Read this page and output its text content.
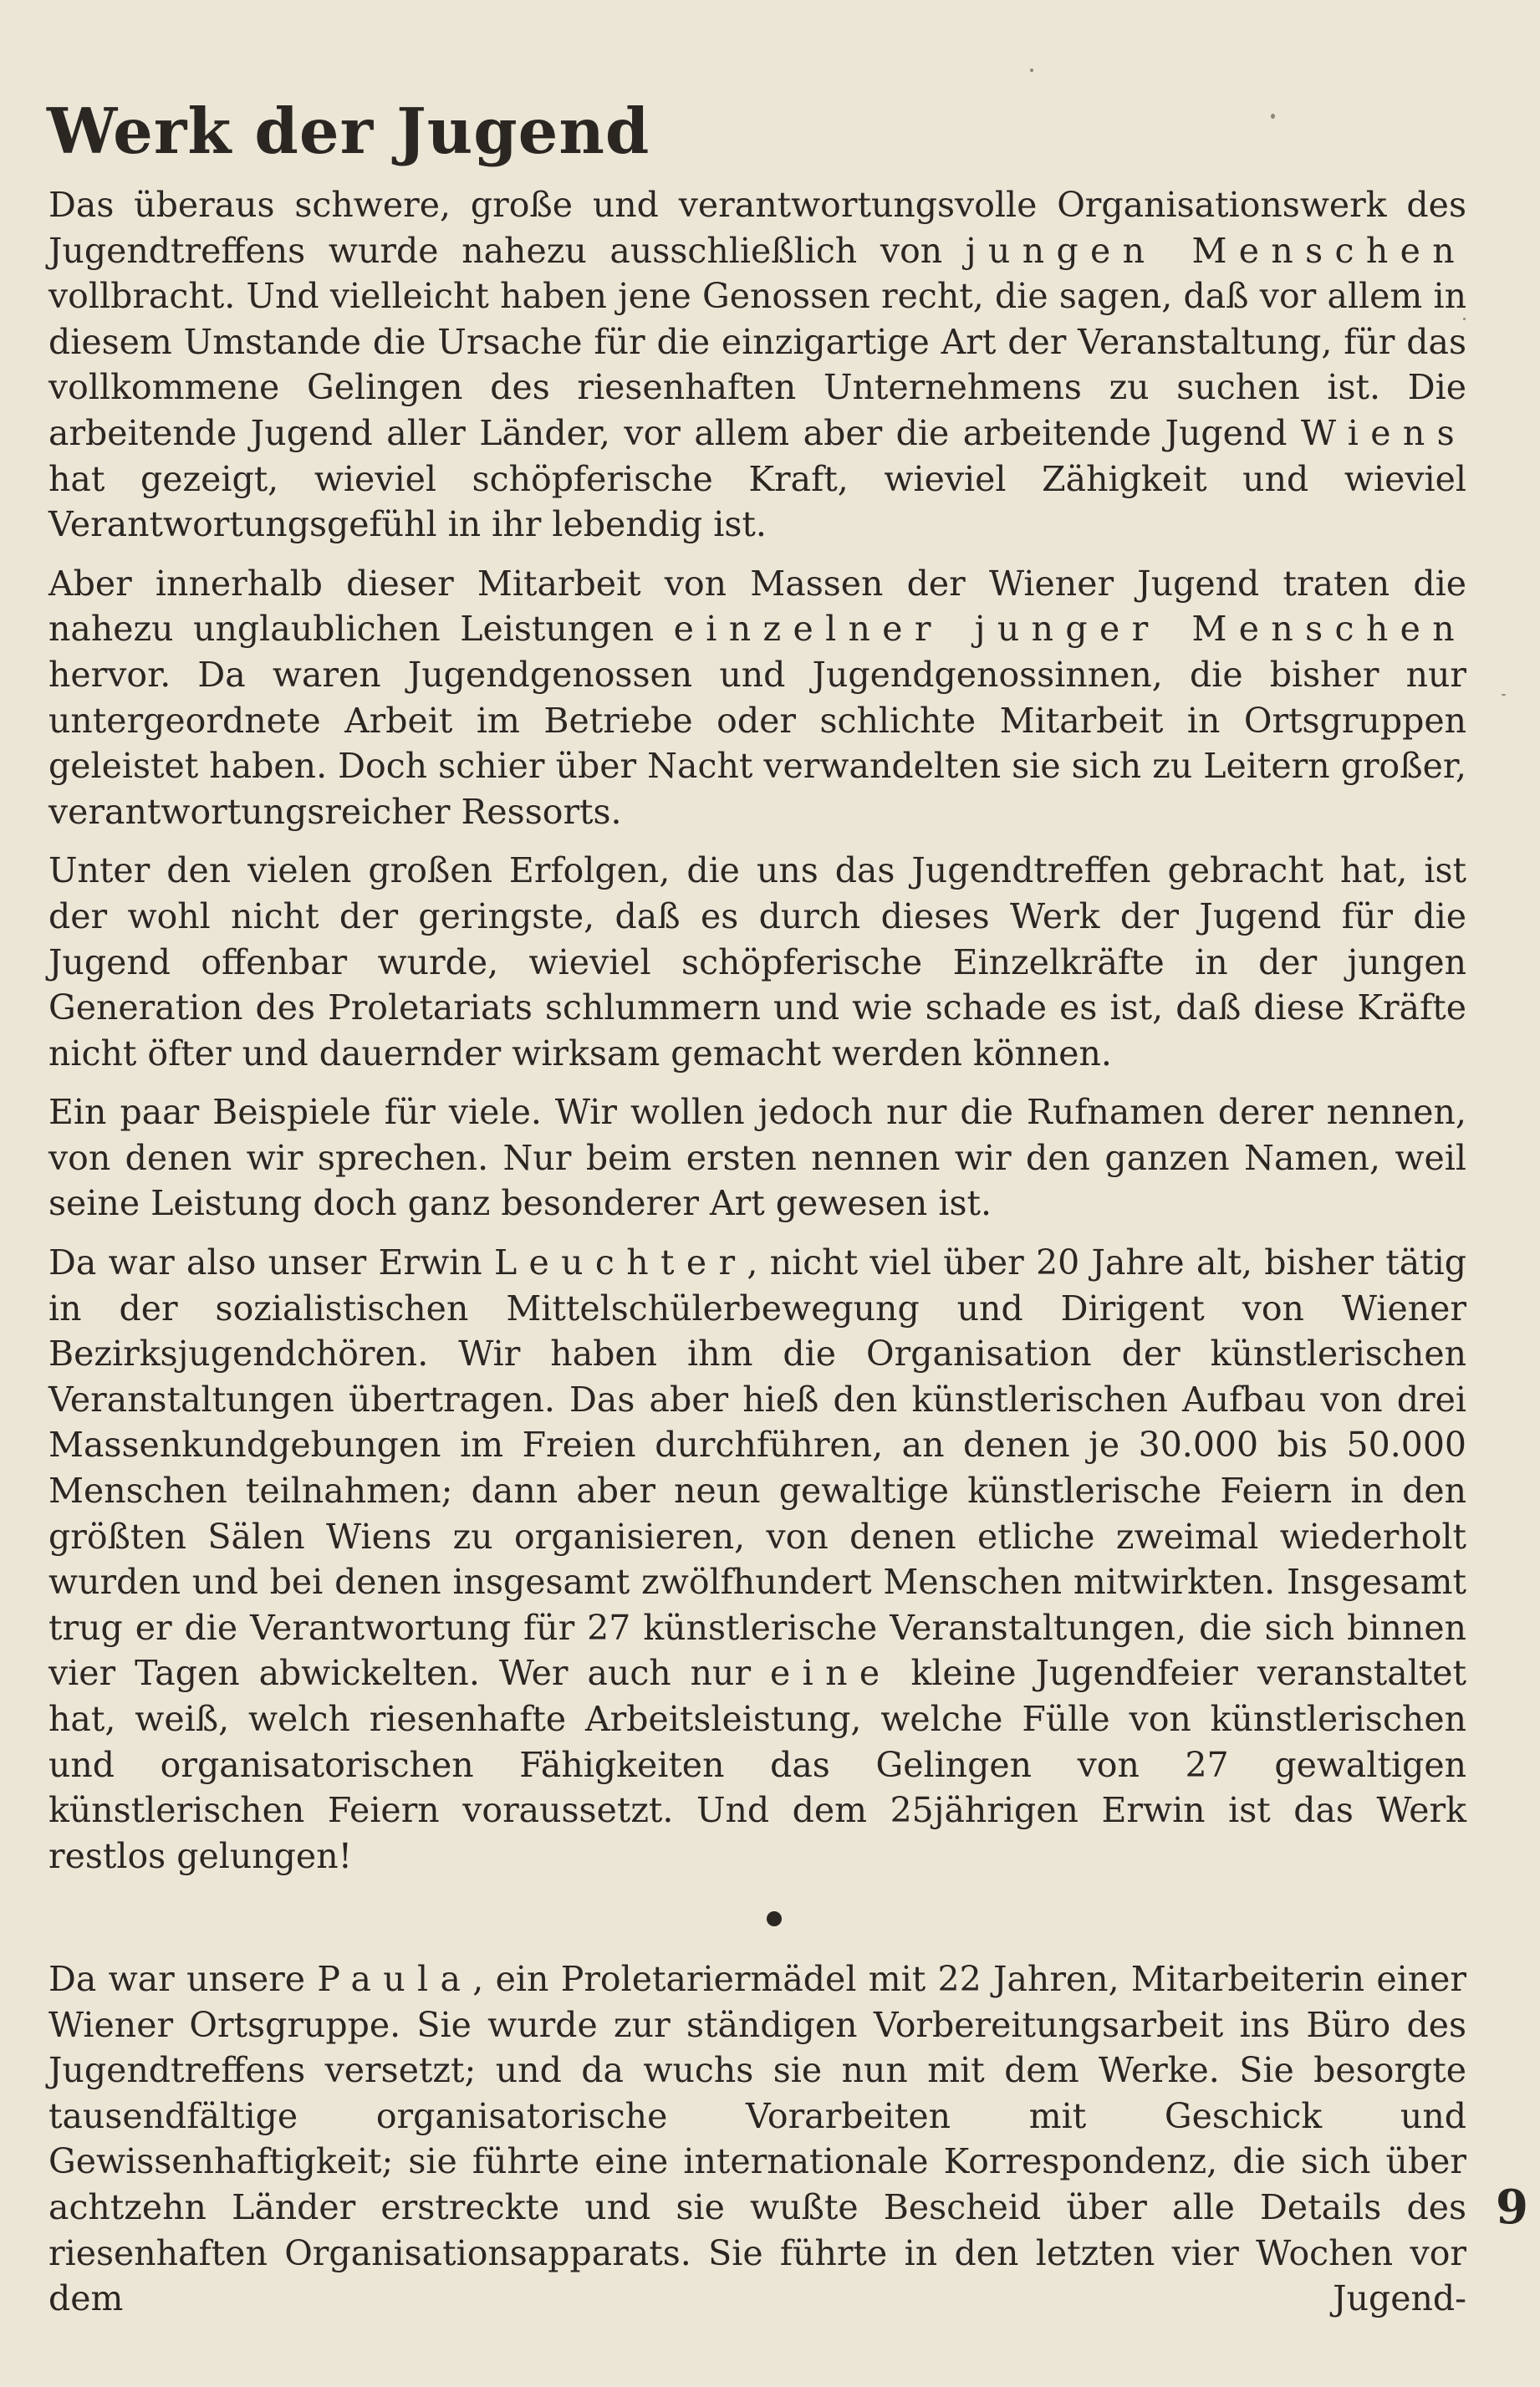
Werk der Jugend

Das überaus schwere, große und verantwortungsvolle Organisationswerk des Jugendtreffens wurde nahezu ausschließlich von jungen Menschen vollbracht. Und vielleicht haben jene Genossen recht, die sagen, daß vor allem in diesem Umstande die Ursache für die einzigartige Art der Veranstaltung, für das vollkommene Gelingen des riesenhaften Unternehmens zu suchen ist. Die arbeitende Jugend aller Länder, vor allem aber die arbeitende Jugend Wiens hat gezeigt, wieviel schöpferische Kraft, wieviel Zähigkeit und wieviel Verantwortungsgefühl in ihr lebendig ist.

Aber innerhalb dieser Mitarbeit von Massen der Wiener Jugend traten die nahezu unglaublichen Leistungen einzelner junger Menschen hervor. Da waren Jugendgenossen und Jugendgenossinnen, die bisher nur untergeordnete Arbeit im Betriebe oder schlichte Mitarbeit in Ortsgruppen geleistet haben. Doch schier über Nacht verwandelten sie sich zu Leitern großer, verantwortungsreicher Ressorts.

Unter den vielen großen Erfolgen, die uns das Jugendtreffen gebracht hat, ist der wohl nicht der geringste, daß es durch dieses Werk der Jugend für die Jugend offenbar wurde, wieviel schöpferische Einzelkräfte in der jungen Generation des Proletariats schlummern und wie schade es ist, daß diese Kräfte nicht öfter und dauernder wirksam gemacht werden können.

Ein paar Beispiele für viele. Wir wollen jedoch nur die Rufnamen derer nennen, von denen wir sprechen. Nur beim ersten nennen wir den ganzen Namen, weil seine Leistung doch ganz besonderer Art gewesen ist.

Da war also unser Erwin Leuchter, nicht viel über 20 Jahre alt, bisher tätig in der sozialistischen Mittelschülerbewegung und Dirigent von Wiener Bezirksjugendchören. Wir haben ihm die Organisation der künstlerischen Veranstaltungen übertragen. Das aber hieß den künstlerischen Aufbau von drei Massenkundgebungen im Freien durchführen, an denen je 30.000 bis 50.000 Menschen teilnahmen; dann aber neun gewaltige künstlerische Feiern in den größten Sälen Wiens zu organisieren, von denen etliche zweimal wiederholt wurden und bei denen insgesamt zwölfhundert Menschen mitwirkten. Insgesamt trug er die Verantwortung für 27 künstlerische Veranstaltungen, die sich binnen vier Tagen abwickelten. Wer auch nur eine kleine Jugendfeier veranstaltet hat, weiß, welch riesenhafte Arbeitsleistung, welche Fülle von künstlerischen und organisatorischen Fähigkeiten das Gelingen von 27 gewaltigen künstlerischen Feiern voraussetzt. Und dem 25jährigen Erwin ist das Werk restlos gelungen!

Da war unsere Paula, ein Proletariermädel mit 22 Jahren, Mitarbeiterin einer Wiener Ortsgruppe. Sie wurde zur ständigen Vorbereitungsarbeit ins Büro des Jugendtreffens versetzt; und da wuchs sie nun mit dem Werke. Sie besorgte tausendfältige organisatorische Vorarbeiten mit Geschick und Gewissenhaftigkeit; sie führte eine internationale Korrespondenz, die sich über achtzehn Länder erstreckte und sie wußte Bescheid über alle Details des riesenhaften Organisationsapparats. Sie führte in den letzten vier Wochen vor dem Jugend-

9
